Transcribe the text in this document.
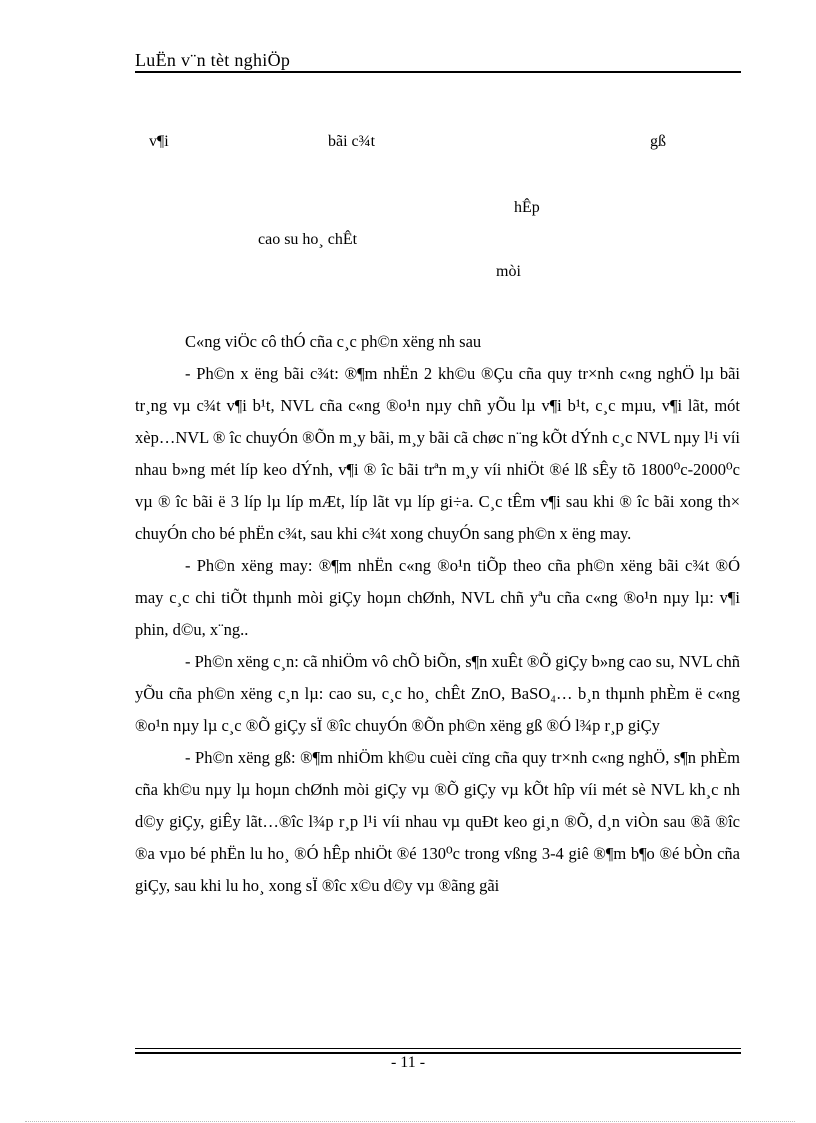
LuËn v¨n tèt nghiÖp
v¶i	bãi c¾t	gß
hÊp
cao su ho¸ chÊt
mòi

C«ng viÖc cô thÓ cña c¸c ph©n xëng nh sau

- Ph©n x ëng bãi c¾t: ®¶m nhËn 2 kh©u ®Çu cña quy tr×nh c«ng nghÖ lµ bãi tr¸ng vµ c¾t v¶i b¹t, NVL cña c«ng ®o¹n nµy chñ yÕu lµ v¶i b¹t, c¸c mµu, v¶i lãt, mót xèp…NVL ® îc chuyÓn ®Õn m¸y bãi, m¸y bãi cã chøc n¨ng kÕt dÝnh c¸c NVL nµy l¹i víi nhau b»ng mét líp keo dÝnh, v¶i ® îc bãi trªn m¸y víi nhiÖt ®é lß sÊy tõ 1800⁰c-2000⁰c vµ ® îc bãi ë 3 líp lµ líp mÆt, líp lãt vµ líp gi÷a. C¸c tÊm v¶i sau khi ® îc bãi xong th× chuyÓn cho bé phËn c¾t, sau khi c¾t xong chuyÓn sang ph©n x ëng may.

- Ph©n xëng may: ®¶m nhËn c«ng ®o¹n tiÕp theo cña ph©n xëng bãi c¾t ®Ó may c¸c chi tiÕt thµnh mòi giÇy hoµn chØnh, NVL chñ yªu cña c«ng ®o¹n nµy lµ: v¶i phin, d©u, x¨ng..

- Ph©n xëng c¸n: cã nhiÖm vô chÕ biÕn, s¶n xuÊt ®Õ giÇy b»ng cao su, NVL chñ yÕu cña ph©n xëng c¸n lµ: cao su, c¸c ho¸ chÊt ZnO, BaSO₄… b¸n thµnh phÈm ë c«ng ®o¹n nµy lµ c¸c ®Õ giÇy sÏ ®îc chuyÓn ®Õn ph©n xëng gß ®Ó l¾p r¸p giÇy

- Ph©n xëng gß: ®¶m nhiÖm kh©u cuèi cïng cña quy tr×nh c«ng nghÖ, s¶n phÈm cña kh©u nµy lµ hoµn chØnh mòi giÇy vµ ®Õ giÇy vµ kÕt hîp víi mét sè NVL kh¸c nh d©y giÇy, giÊy lãt…®îc l¾p r¸p l¹i víi nhau vµ quÐt keo gi¸n ®Õ, d¸n viÒn sau ®ã ®îc ®a vµo bé phËn lu ho¸ ®Ó hÊp nhiÖt ®é 130⁰c trong vßng 3-4 giê ®¶m b¶o ®é bÒn cña giÇy, sau khi lu ho¸ xong sÏ ®îc x©u d©y vµ ®ãng gãi

- 11 -
